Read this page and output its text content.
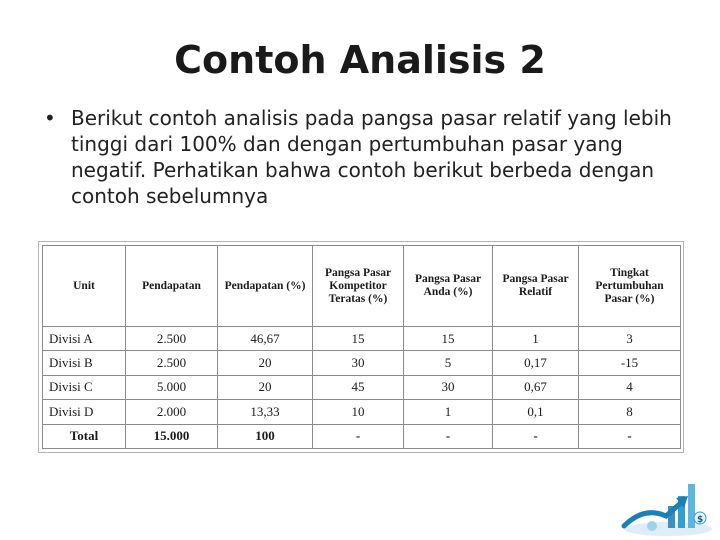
Contoh Analisis 2
• Berikut contoh analisis pada pangsa pasar relatif yang lebih tinggi dari 100% dan dengan pertumbuhan pasar yang negatif. Perhatikan bahwa contoh berikut berbeda dengan contoh sebelumnya
Unit	Pendapatan	Pendapatan (%)	Pangsa Pasar Kompetitor Teratas (%)	Pangsa Pasar Anda (%)	Pangsa Pasar Relatif	Tingkat Pertumbuhan Pasar (%)
Divisi A	2.500	46,67	15	15	1	3
Divisi B	2.500	20	30	5	0,17	-15
Divisi C	5.000	20	45	30	0,67	4
Divisi D	2.000	13,33	10	1	0,1	8
Total	15.000	100	-	-	-	-
$
